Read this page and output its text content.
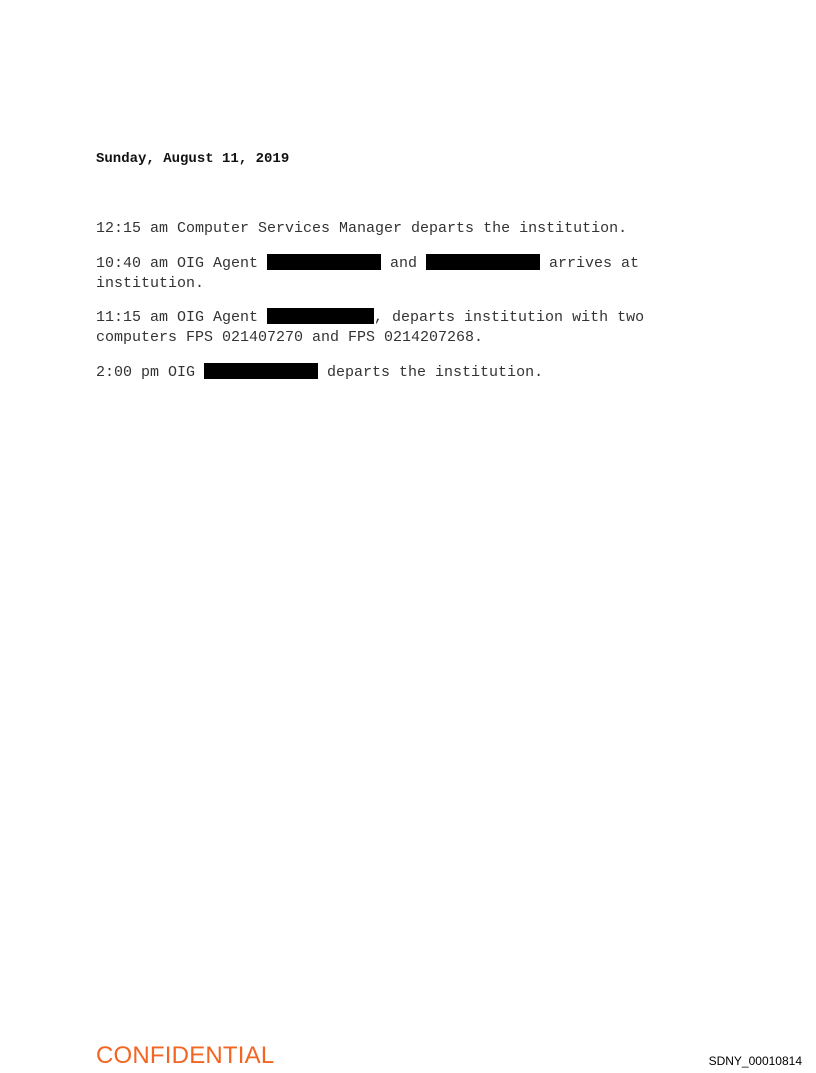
Sunday, August 11, 2019
12:15 am Computer Services Manager departs the institution.
10:40 am OIG Agent	and	arrives at
institution.
11:15 am OIG Agent	, departs institution with two
computers FPS 021407270 and FPS 0214207268.
2:00 pm OIG	departs the institution.
CONFIDENTIAL	SDNY_00010814
